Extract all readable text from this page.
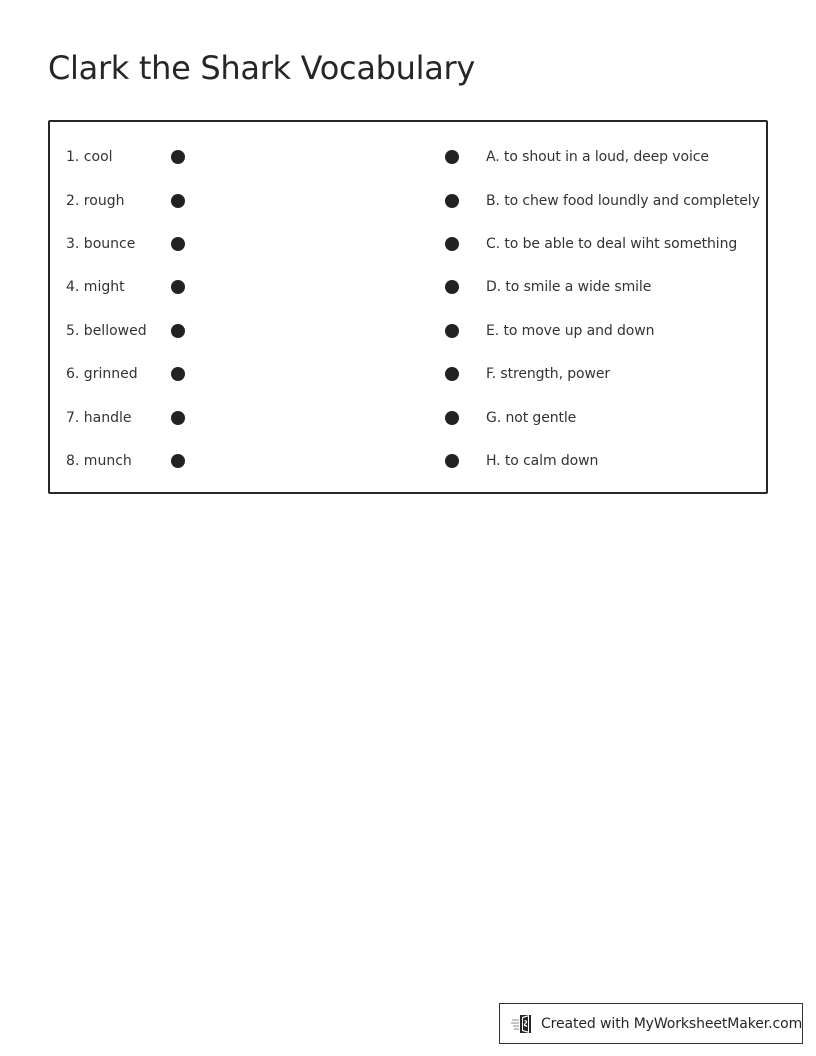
Clark the Shark Vocabulary
1. cool	A. to shout in a loud, deep voice
2. rough	B. to chew food loundly and completely
3. bounce	C. to be able to deal wiht something
4. might	D. to smile a wide smile
5. bellowed	E. to move up and down
6. grinned	F. strength, power
7. handle	G. not gentle
8. munch	H. to calm down
Created with MyWorksheetMaker.com
